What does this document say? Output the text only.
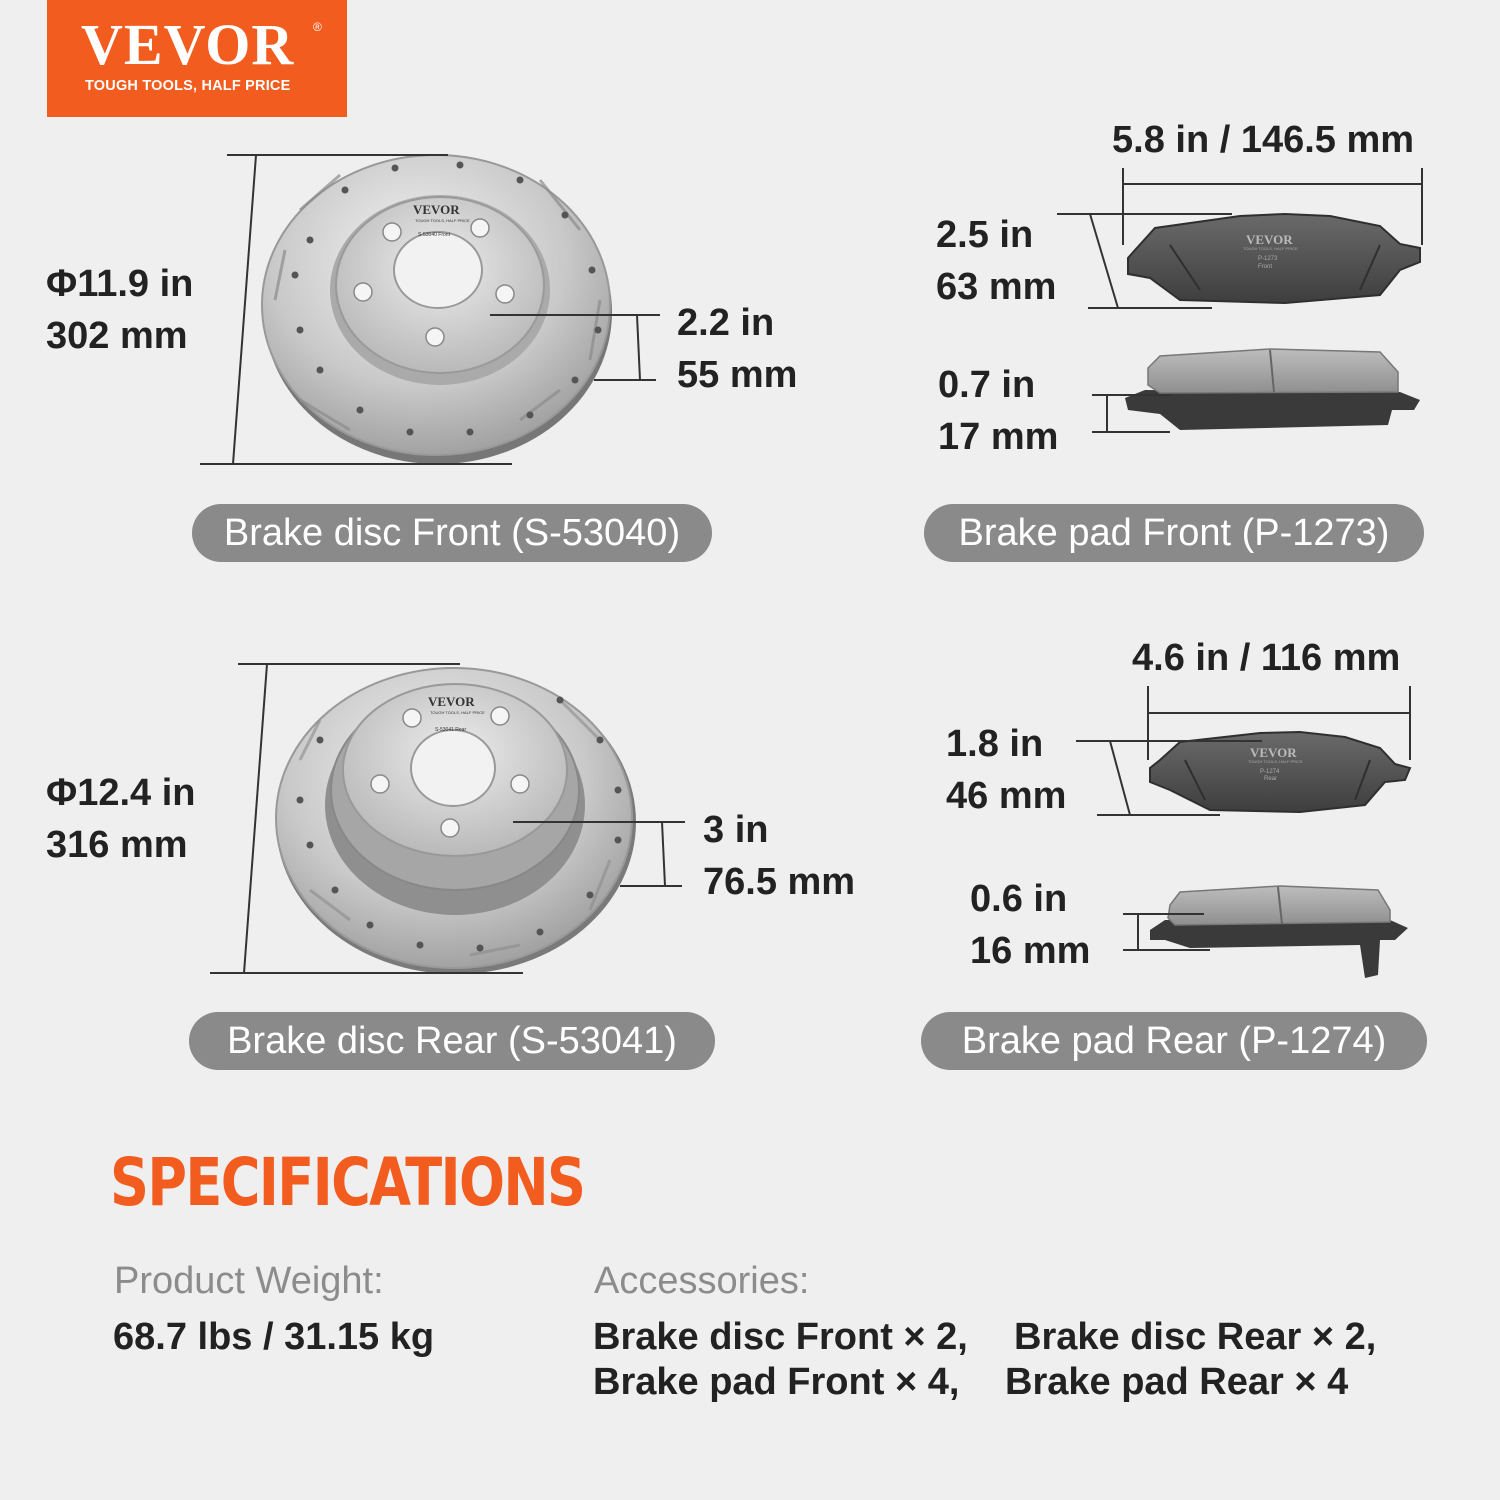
VEVOR ®
TOUGH TOOLS, HALF PRICE
VEVOR
TOUGH TOOLS, HALF PRICE
S-53040 Front
VEVOR
TOUGH TOOLS, HALF PRICE
S-53041 Rear
VEVOR
TOUGH TOOLS, HALF PRICE
P-1273
Front
VEVOR
TOUGH TOOLS, HALF PRICE
P-1274
Rear
Φ11.9 in
302 mm	2.2 in
55 mm
Brake disc Front (S-53040)
5.8 in / 146.5 mm
2.5 in
63 mm
0.7 in
17 mm
Brake pad Front (P-1273)
Φ12.4 in
316 mm	3 in
76.5 mm
Brake disc Rear (S-53041)
4.6 in / 116 mm
1.8 in
46 mm
0.6 in
16 mm
Brake pad Rear (P-1274)
SPECIFICATIONS
Product Weight:
68.7 lbs / 31.15 kg
Accessories:
Brake disc Front × 2, Brake disc Rear × 2,
Brake pad Front × 4, Brake pad Rear × 4
